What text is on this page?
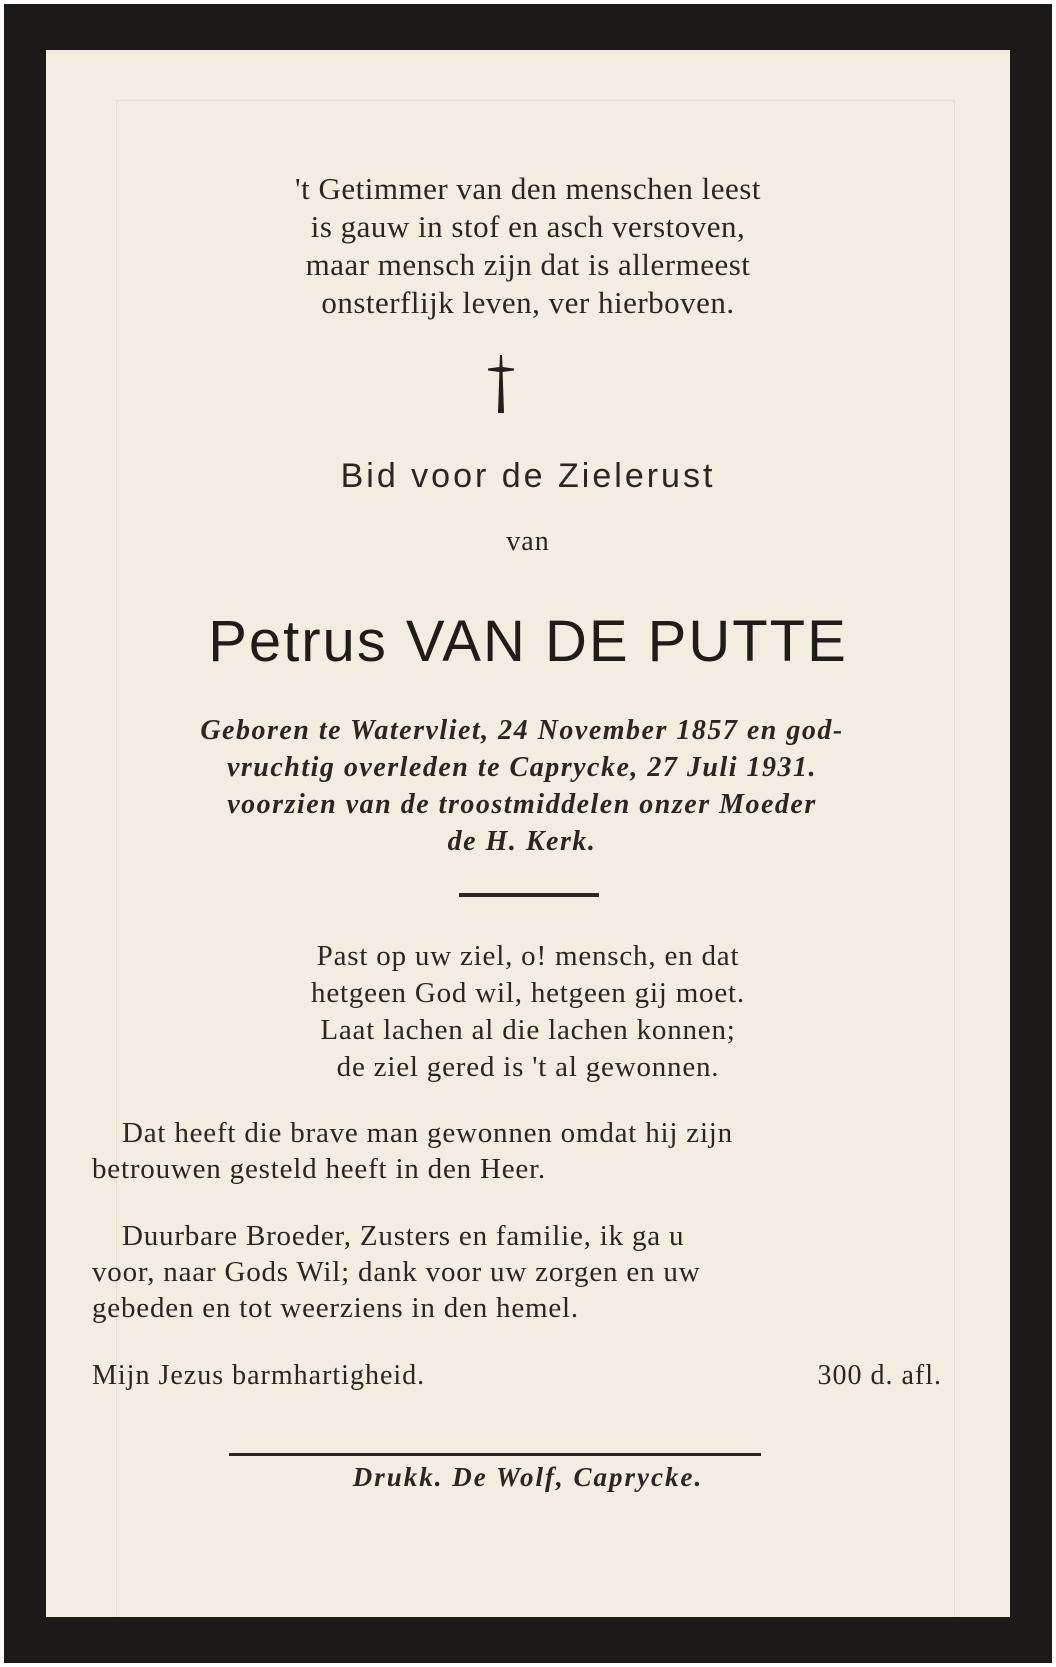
't Getimmer van den menschen leest
is gauw in stof en asch verstoven,
maar mensch zijn dat is allermeest
onsterflijk leven, ver hierboven.
Bid voor de Zielerust
van
Petrus VAN DE PUTTE
Geboren te Watervliet, 24 November 1857 en god-
vruchtig overleden te Caprycke, 27 Juli 1931.
voorzien van de troostmiddelen onzer Moeder
de H. Kerk.
Past op uw ziel, o! mensch, en dat
hetgeen God wil, hetgeen gij moet.
Laat lachen al die lachen konnen;
de ziel gered is 't al gewonnen.
Dat heeft die brave man gewonnen omdat hij zijn
betrouwen gesteld heeft in den Heer.
Duurbare Broeder, Zusters en familie, ik ga u
voor, naar Gods Wil; dank voor uw zorgen en uw
gebeden en tot weerziens in den hemel.
Mijn Jezus barmhartigheid.	300 d. afl.
Drukk. De Wolf, Caprycke.
